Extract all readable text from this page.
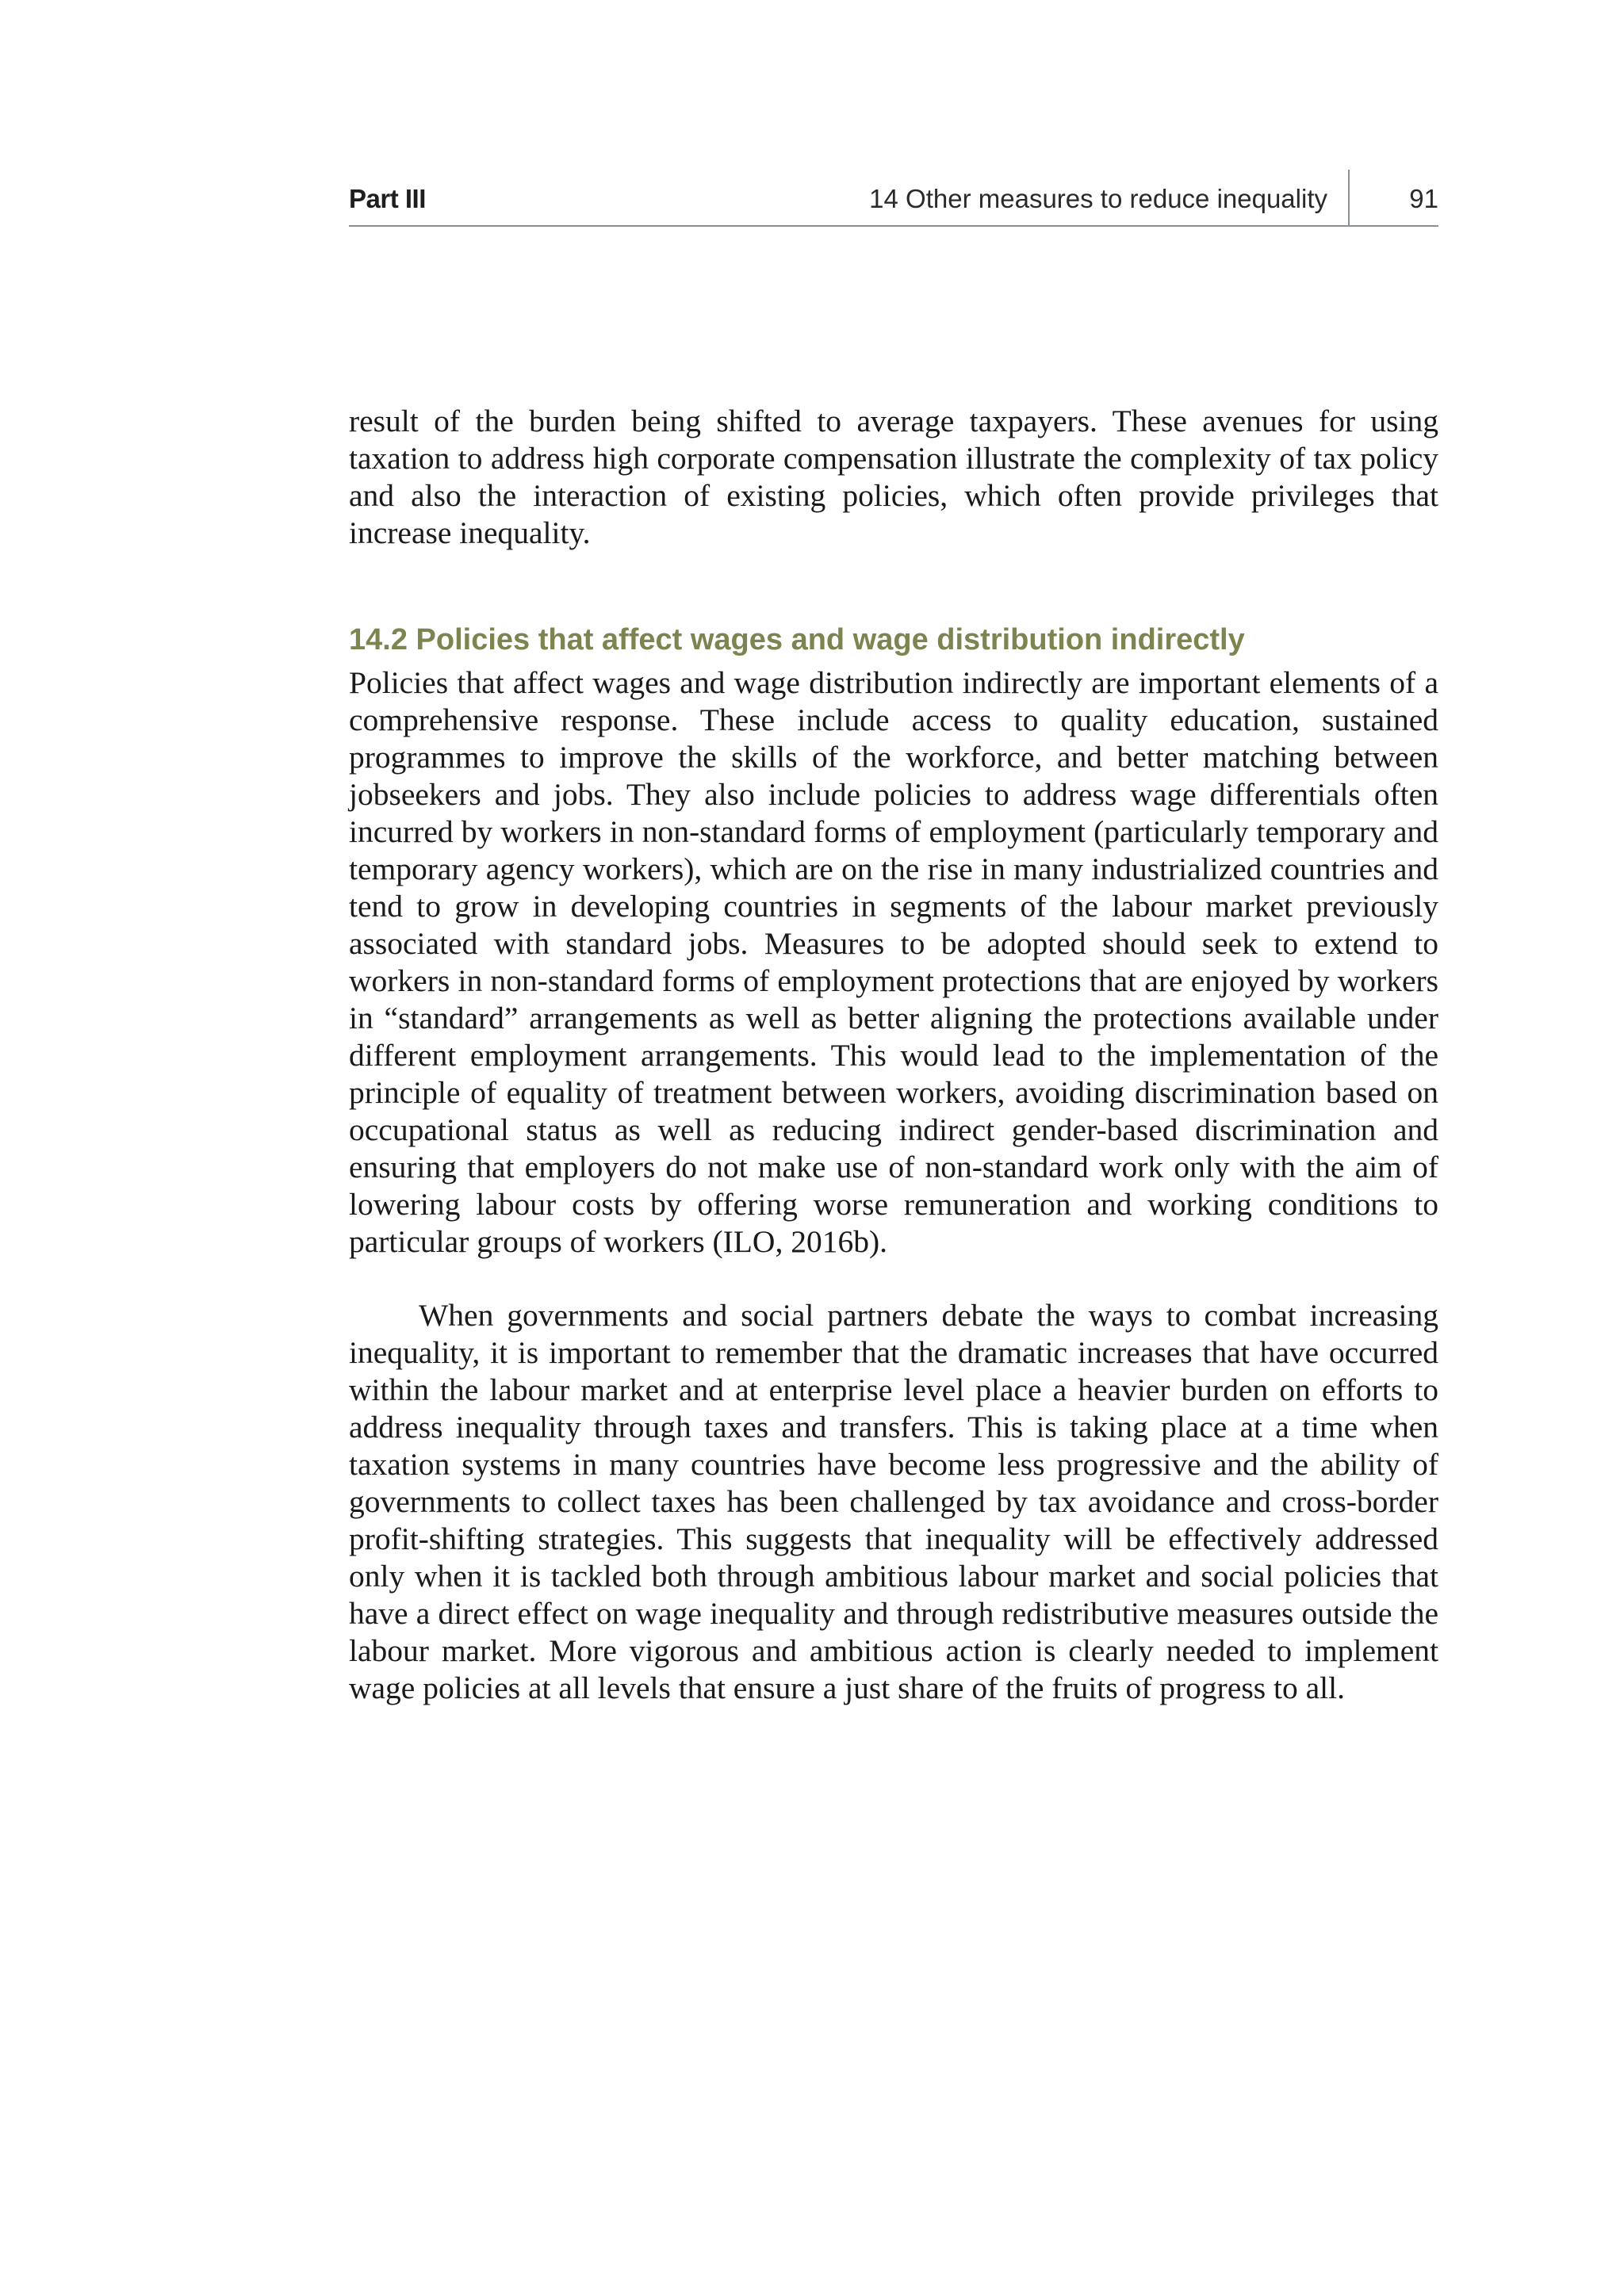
Part III	14 Other measures to reduce inequality	91

result of the burden being shifted to average taxpayers. These avenues for using taxation to address high corporate compensation illustrate the complexity of tax policy and also the interaction of existing policies, which often provide privileges that increase inequality.

14.2 Policies that affect wages and wage distribution indirectly

Policies that affect wages and wage distribution indirectly are important elements of a comprehensive response. These include access to quality education, sustained programmes to improve the skills of the workforce, and better matching between jobseekers and jobs. They also include policies to address wage differentials often incurred by workers in non-standard forms of employment (particularly temporary and temporary agency workers), which are on the rise in many industrialized countries and tend to grow in developing countries in segments of the labour market previously associated with standard jobs. Measures to be adopted should seek to extend to workers in non-standard forms of employment protections that are enjoyed by workers in “standard” arrangements as well as better aligning the protections available under different employment arrangements. This would lead to the implementation of the principle of equality of treatment between workers, avoiding discrimination based on occupational status as well as reducing indirect gender-based discrimination and ensuring that employers do not make use of non-standard work only with the aim of lowering labour costs by offering worse remuneration and working conditions to particular groups of workers (ILO, 2016b).

When governments and social partners debate the ways to combat increasing inequality, it is important to remember that the dramatic increases that have occurred within the labour market and at enterprise level place a heavier burden on efforts to address inequality through taxes and transfers. This is taking place at a time when taxation systems in many countries have become less progressive and the ability of governments to collect taxes has been challenged by tax avoidance and cross-border profit-shifting strategies. This suggests that inequality will be effectively addressed only when it is tackled both through ambitious labour market and social policies that have a direct effect on wage inequality and through redistributive measures outside the labour market. More vigorous and ambitious action is clearly needed to implement wage policies at all levels that ensure a just share of the fruits of progress to all.
